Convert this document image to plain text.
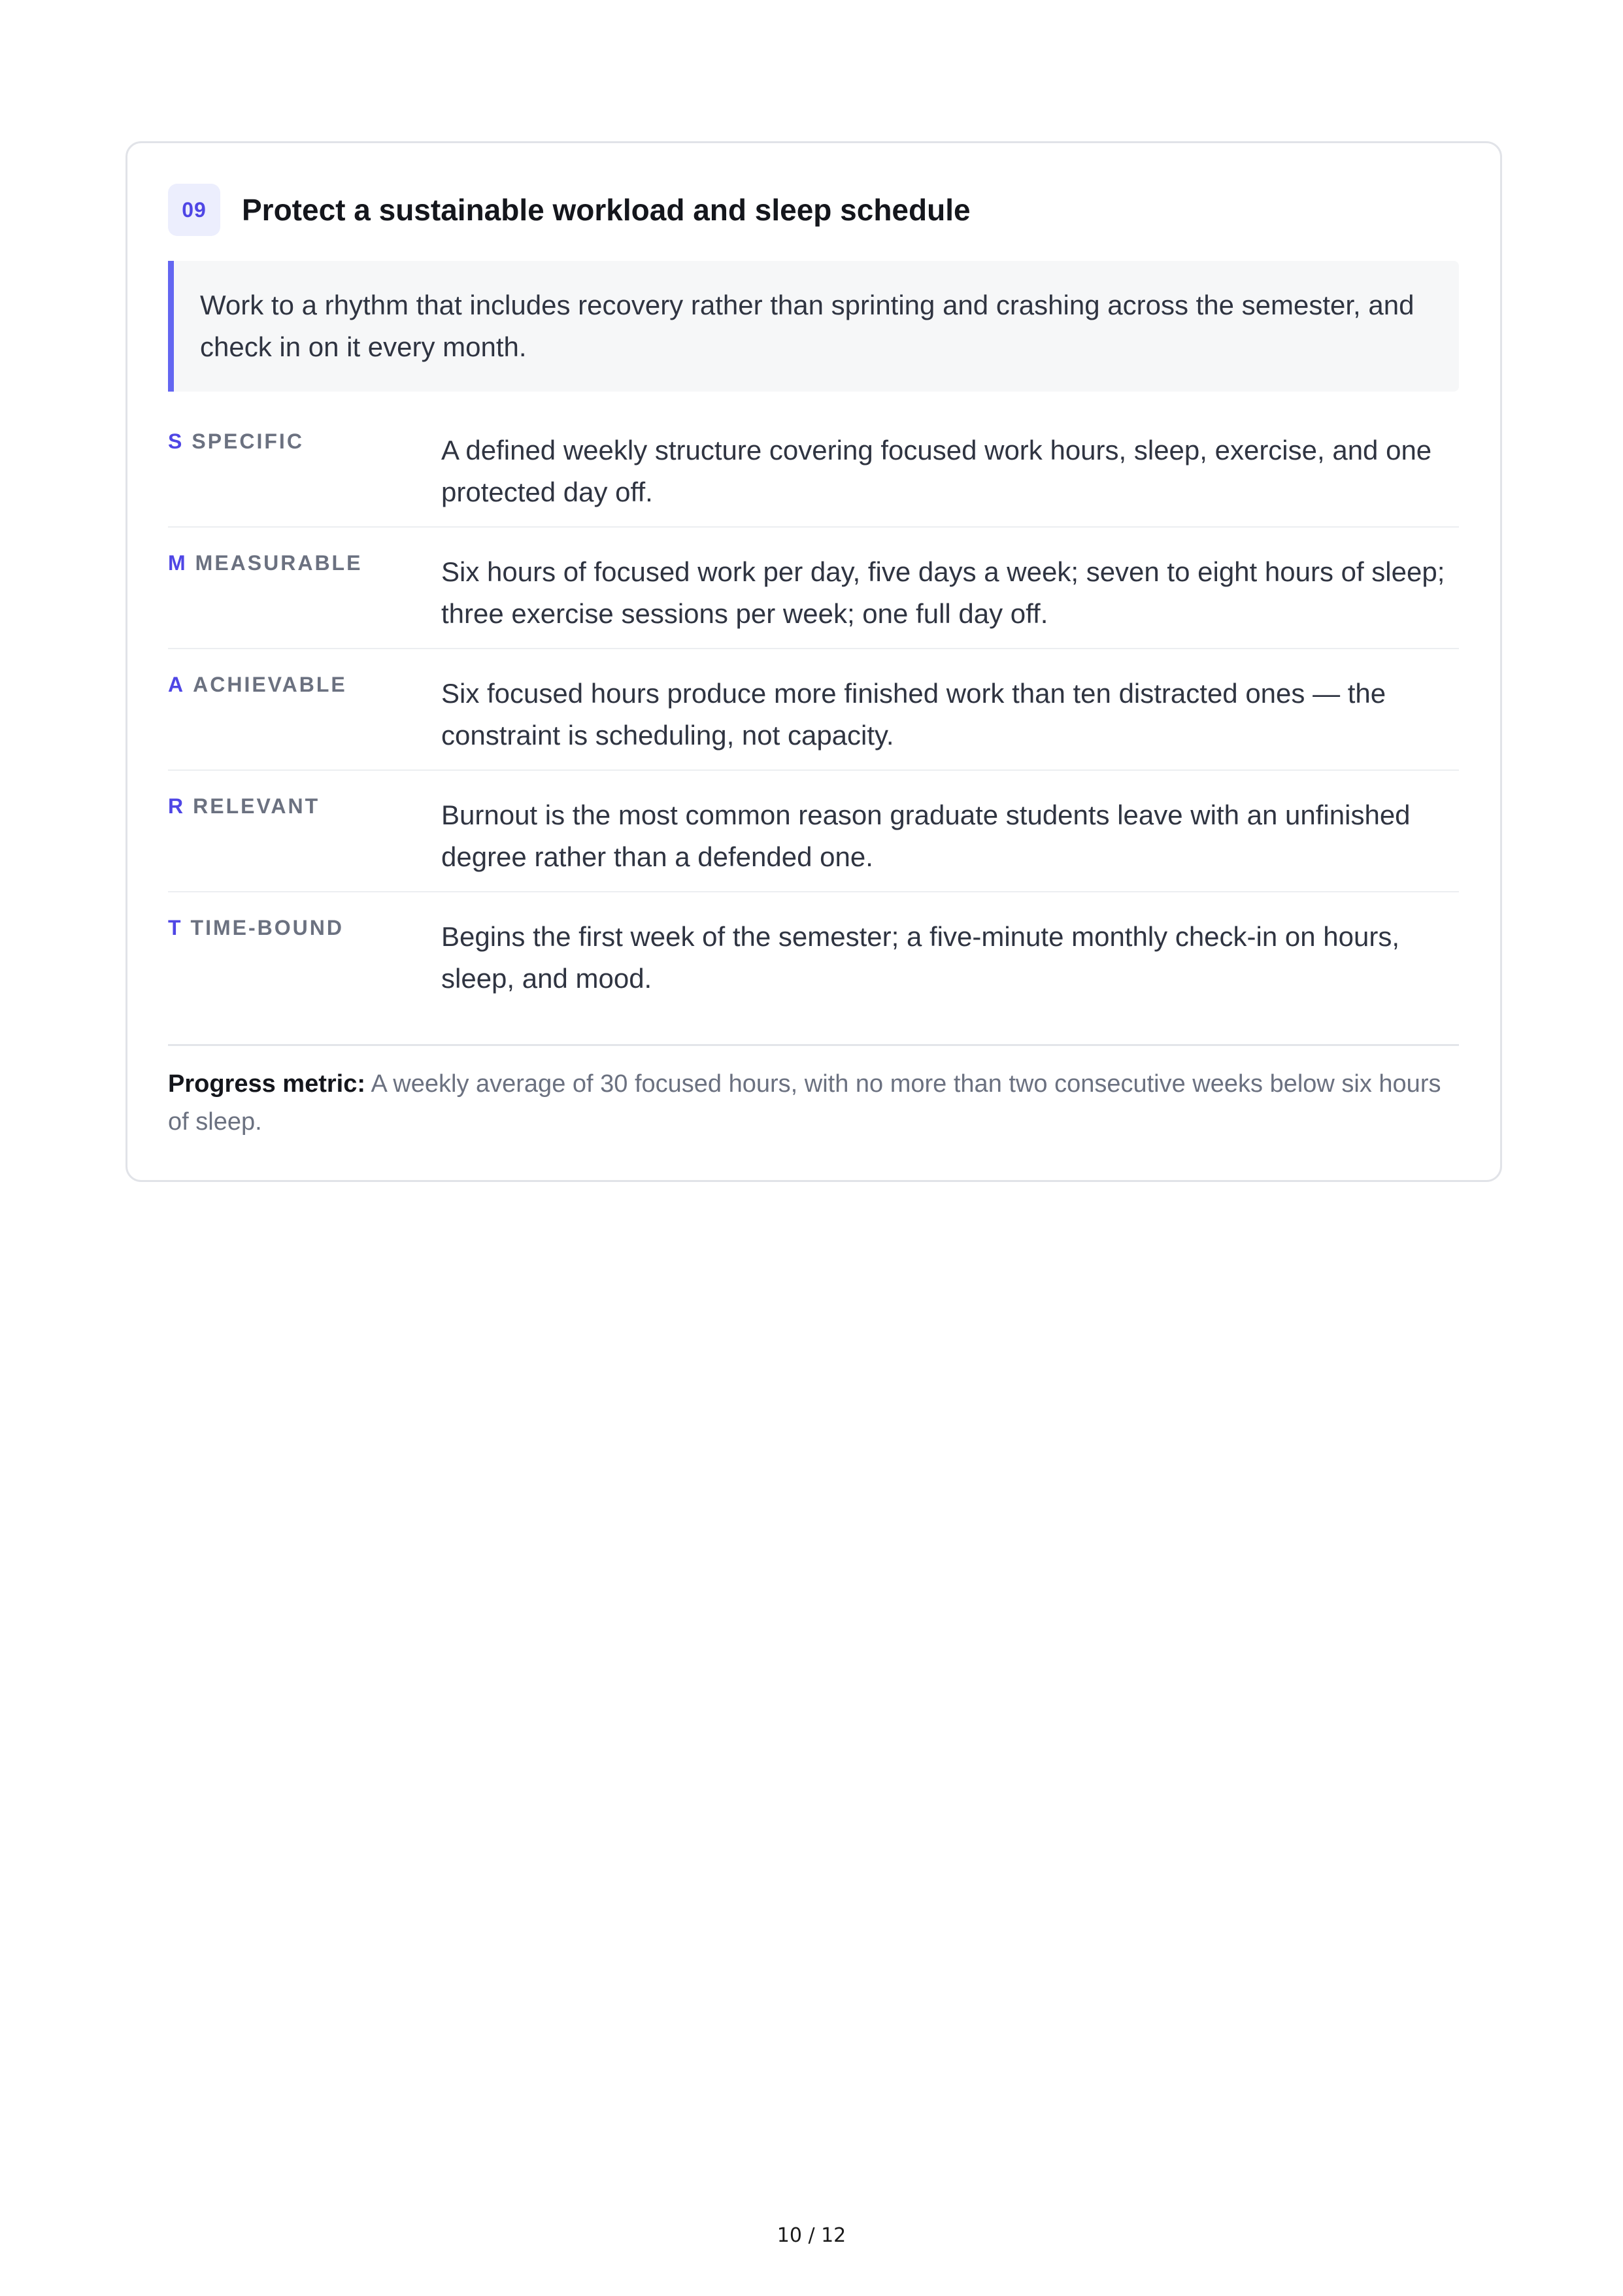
09	Protect a sustainable workload and sleep schedule
Work to a rhythm that includes recovery rather than sprinting and crashing across the semester, and check in on it every month.
S SPECIFIC	A defined weekly structure covering focused work hours, sleep, exercise, and one protected day off.
M MEASURABLE	Six hours of focused work per day, five days a week; seven to eight hours of sleep; three exercise sessions per week; one full day off.
A ACHIEVABLE	Six focused hours produce more finished work than ten distracted ones — the constraint is scheduling, not capacity.
R RELEVANT	Burnout is the most common reason graduate students leave with an unfinished degree rather than a defended one.
T TIME-BOUND	Begins the first week of the semester; a five-minute monthly check-in on hours, sleep, and mood.
Progress metric: A weekly average of 30 focused hours, with no more than two consecutive weeks below six hours of sleep.
10 / 12
